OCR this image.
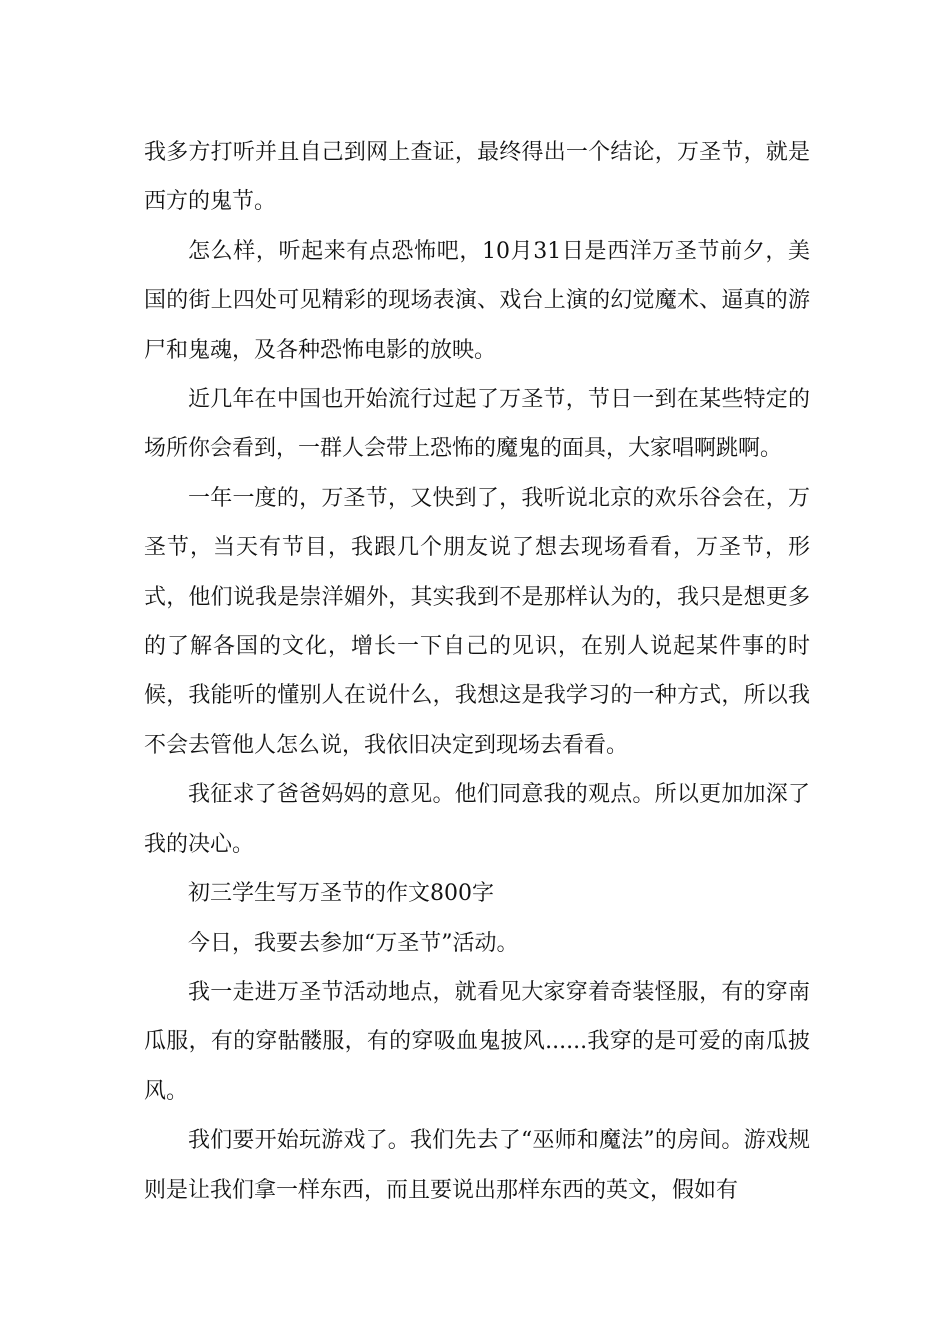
我多方打听并且自己到网上查证，最终得出一个结论，万圣节，就是西方的鬼节。

怎么样，听起来有点恐怖吧，10月31日是西洋万圣节前夕，美国的街上四处可见精彩的现场表演、戏台上演的幻觉魔术、逼真的游尸和鬼魂，及各种恐怖电影的放映。

近几年在中国也开始流行过起了万圣节，节日一到在某些特定的场所你会看到，一群人会带上恐怖的魔鬼的面具，大家唱啊跳啊。

一年一度的，万圣节，又快到了，我听说北京的欢乐谷会在，万圣节，当天有节目，我跟几个朋友说了想去现场看看，万圣节，形式，他们说我是崇洋媚外，其实我到不是那样认为的，我只是想更多的了解各国的文化，增长一下自己的见识，在别人说起某件事的时候，我能听的懂别人在说什么，我想这是我学习的一种方式，所以我不会去管他人怎么说，我依旧决定到现场去看看。

我征求了爸爸妈妈的意见。他们同意我的观点。所以更加加深了我的决心。

初三学生写万圣节的作文800字

今日，我要去参加“万圣节”活动。

我一走进万圣节活动地点，就看见大家穿着奇装怪服，有的穿南瓜服，有的穿骷髅服，有的穿吸血鬼披风......我穿的是可爱的南瓜披风。

我们要开始玩游戏了。我们先去了“巫师和魔法”的房间。游戏规则是让我们拿一样东西，而且要说出那样东西的英文，假如有
